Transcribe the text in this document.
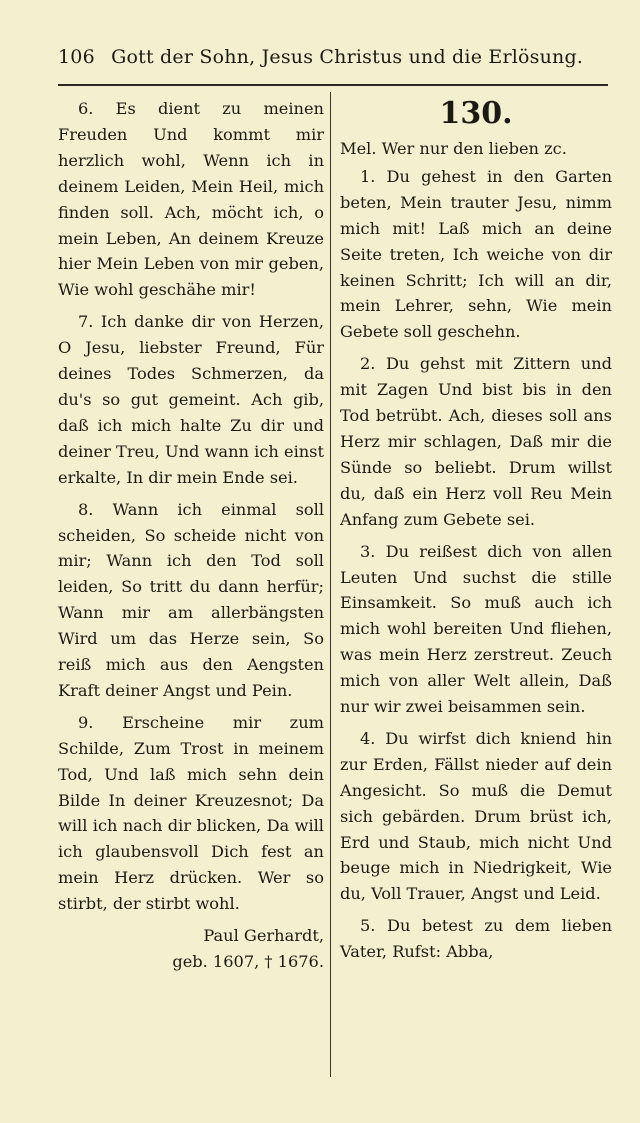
106 Gott der Sohn, Jesus Christus und die Erlösung.

6. Es dient zu meinen Freuden Und kommt mir herzlich wohl, Wenn ich in deinem Leiden, Mein Heil, mich finden soll. Ach, möcht ich, o mein Leben, An deinem Kreuze hier Mein Leben von mir geben, Wie wohl geschähe mir!

7. Ich danke dir von Herzen, O Jesu, liebster Freund, Für deines Todes Schmerzen, da du's so gut gemeint. Ach gib, daß ich mich halte Zu dir und deiner Treu, Und wann ich einst erkalte, In dir mein Ende sei.

8. Wann ich einmal soll scheiden, So scheide nicht von mir; Wann ich den Tod soll leiden, So tritt du dann herfür; Wann mir am allerbängsten Wird um das Herze sein, So reiß mich aus den Aengsten Kraft deiner Angst und Pein.

9. Erscheine mir zum Schilde, Zum Trost in meinem Tod, Und laß mich sehn dein Bilde In deiner Kreuzesnot; Da will ich nach dir blicken, Da will ich glaubensvoll Dich fest an mein Herz drücken. Wer so stirbt, der stirbt wohl.

Paul Gerhardt,
geb. 1607, † 1676.
130.
Mel. Wer nur den lieben zc.

1. Du gehest in den Garten beten, Mein trauter Jesu, nimm mich mit! Laß mich an deine Seite treten, Ich weiche von dir keinen Schritt; Ich will an dir, mein Lehrer, sehn, Wie mein Gebete soll geschehn.

2. Du gehst mit Zittern und mit Zagen Und bist bis in den Tod betrübt. Ach, dieses soll ans Herz mir schlagen, Daß mir die Sünde so beliebt. Drum willst du, daß ein Herz voll Reu Mein Anfang zum Gebete sei.

3. Du reißest dich von allen Leuten Und suchst die stille Einsamkeit. So muß auch ich mich wohl bereiten Und fliehen, was mein Herz zerstreut. Zeuch mich von aller Welt allein, Daß nur wir zwei beisammen sein.

4. Du wirfst dich kniend hin zur Erden, Fällst nieder auf dein Angesicht. So muß die Demut sich gebärden. Drum brüst ich, Erd und Staub, mich nicht Und beuge mich in Niedrigkeit, Wie du, Voll Trauer, Angst und Leid.

5. Du betest zu dem lieben Vater, Rufst: Abba,
